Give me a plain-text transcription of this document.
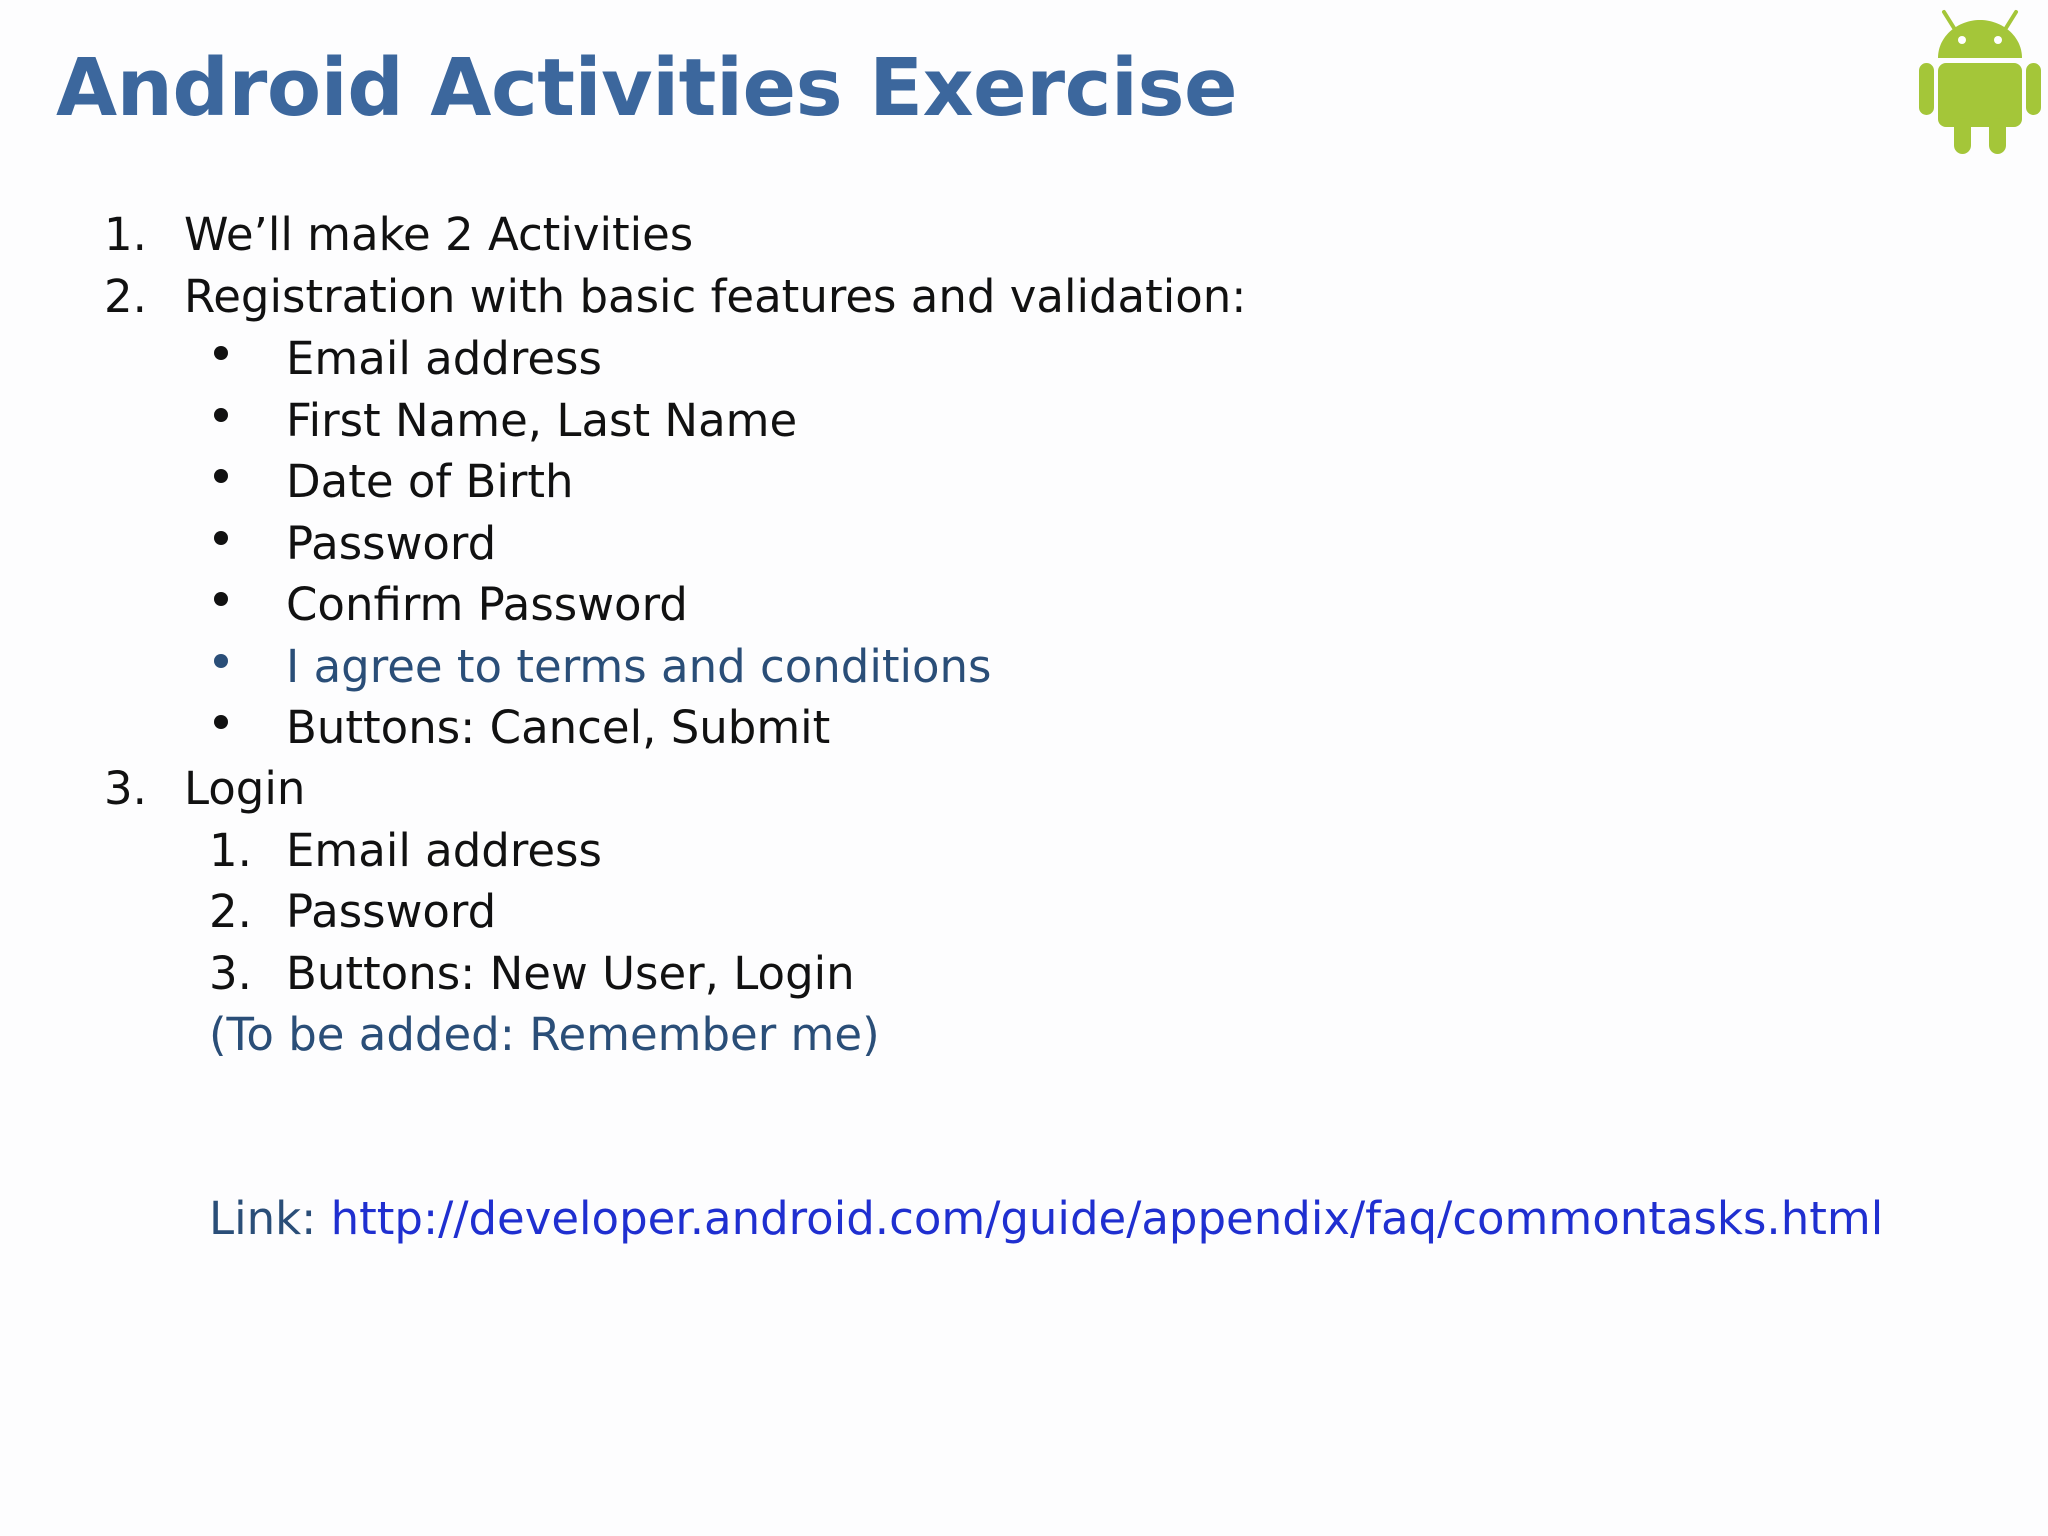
Android Activities Exercise
1. We’ll make 2 Activities
2. Registration with basic features and validation:
Email address
First Name, Last Name
Date of Birth
Password
Confirm Password
I agree to terms and conditions
Buttons: Cancel, Submit
3. Login
1. Email address
2. Password
3. Buttons: New User, Login
(To be added: Remember me)
Link: http://developer.android.com/guide/appendix/faq/commontasks.html
